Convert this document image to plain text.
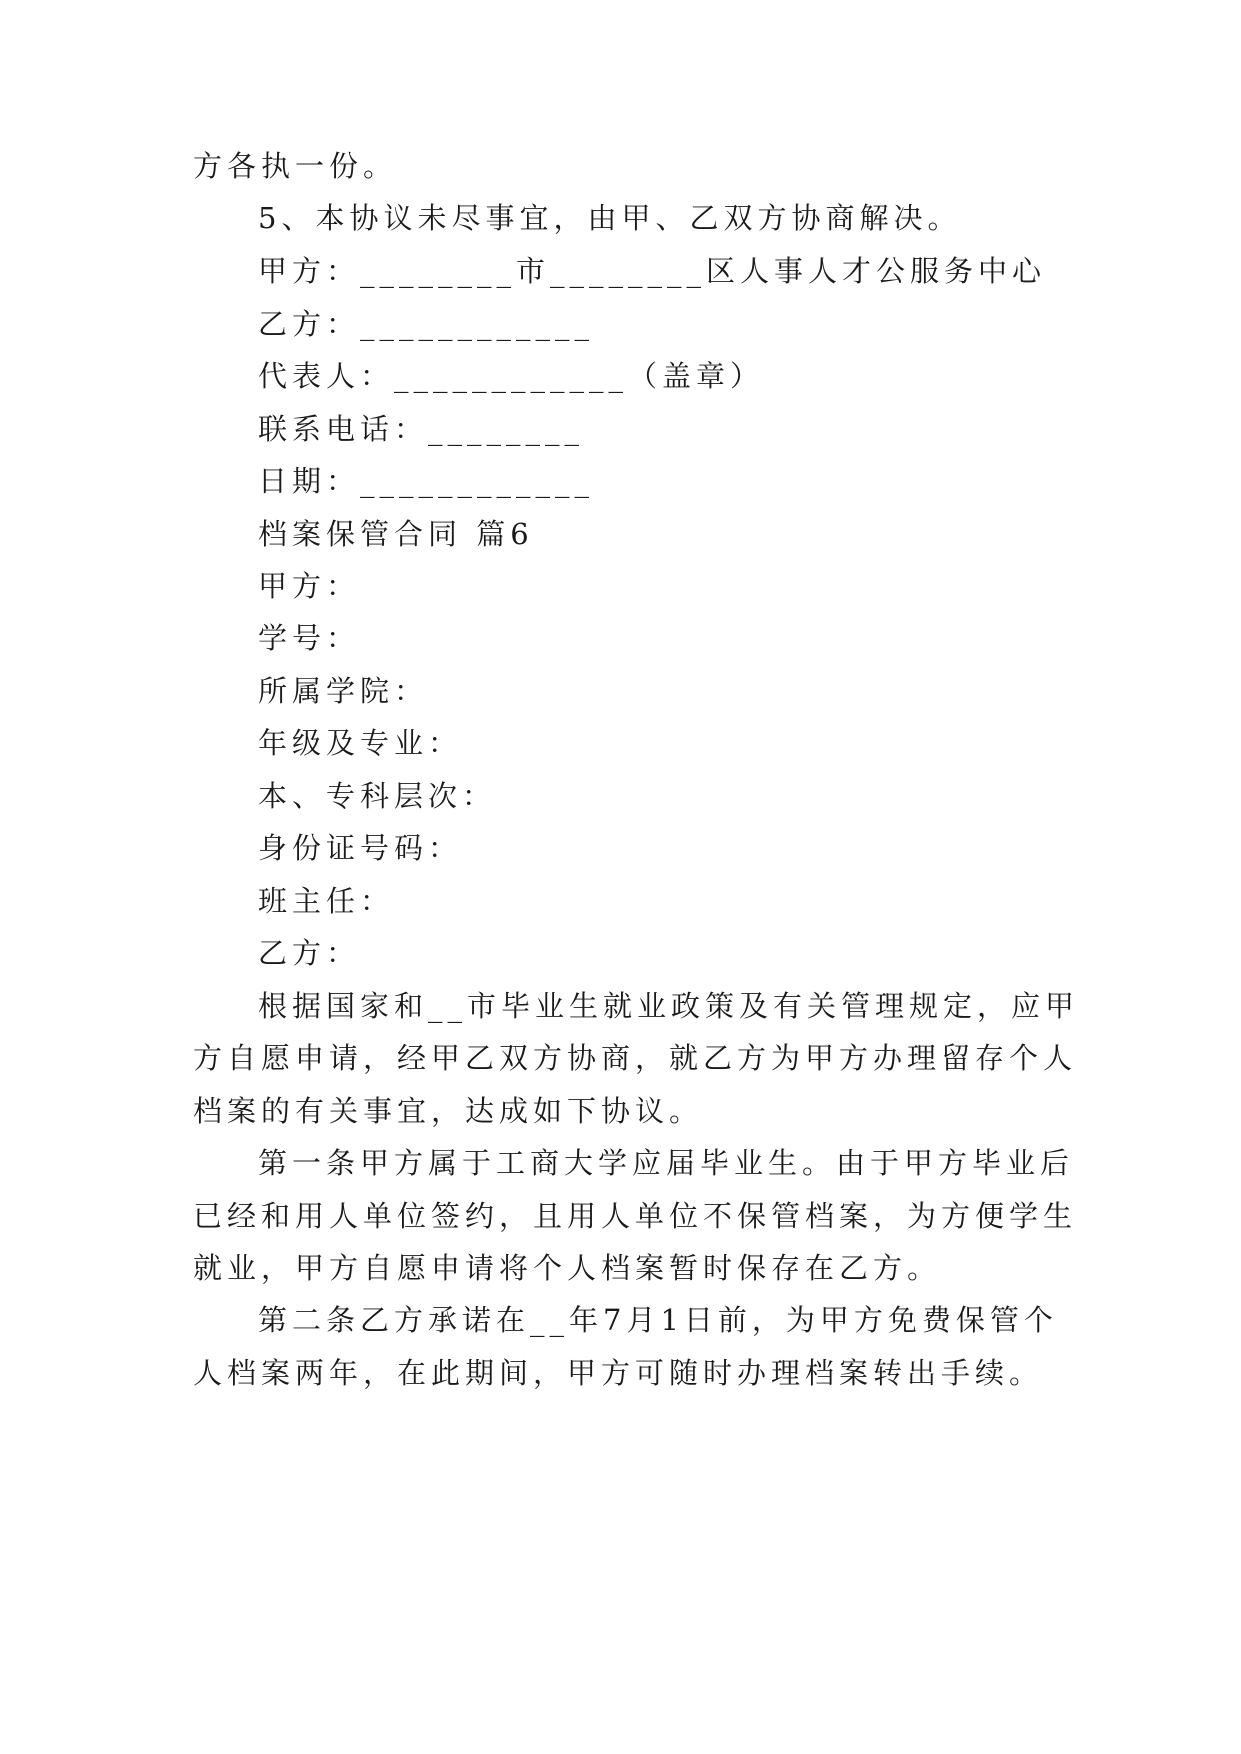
方各执一份。
5、本协议未尽事宜，由甲、乙双方协商解决。
甲方：________市________区人事人才公服务中心
乙方：____________
代表人：____________（盖章）
联系电话：________
日期：____________
档案保管合同 篇6
甲方：
学号：
所属学院：
年级及专业：
本、专科层次：
身份证号码：
班主任：
乙方：
根据国家和__市毕业生就业政策及有关管理规定，应甲
方自愿申请，经甲乙双方协商，就乙方为甲方办理留存个人
档案的有关事宜，达成如下协议。
第一条甲方属于工商大学应届毕业生。由于甲方毕业后
已经和用人单位签约，且用人单位不保管档案，为方便学生
就业，甲方自愿申请将个人档案暂时保存在乙方。
第二条乙方承诺在__年7月1日前，为甲方免费保管个
人档案两年，在此期间，甲方可随时办理档案转出手续。
